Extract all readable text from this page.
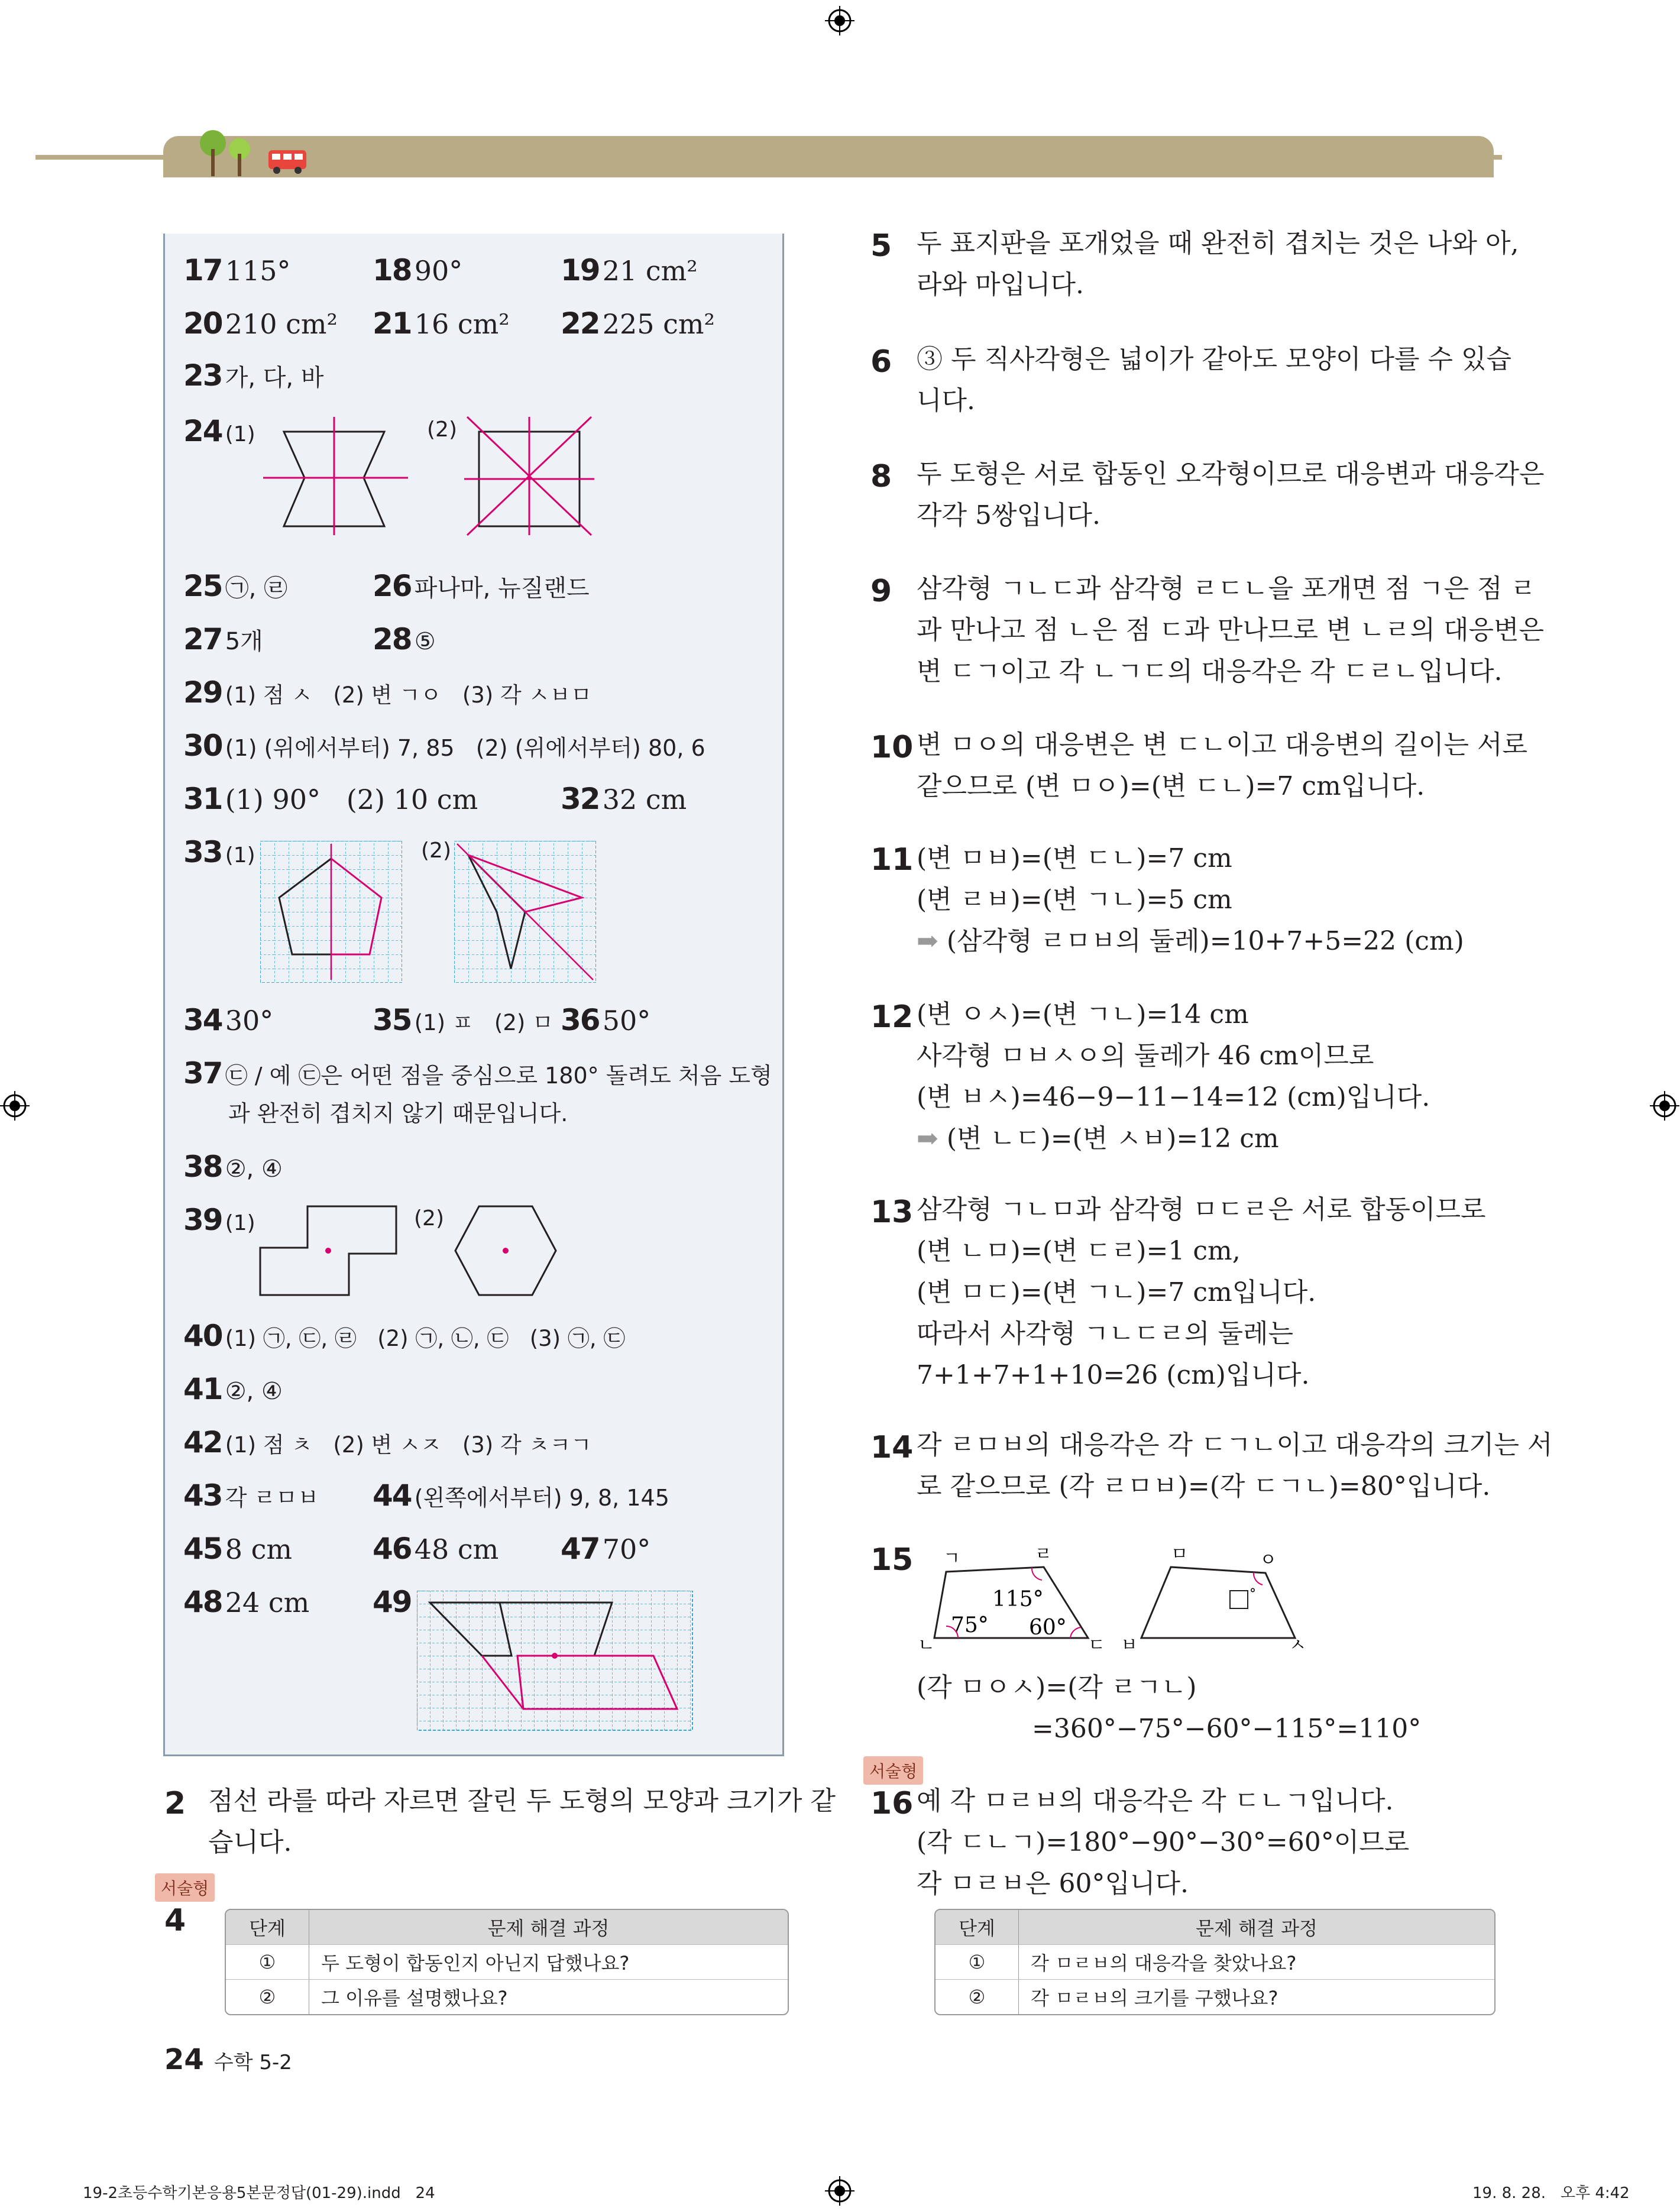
17 115°	18 90°	19 21 cm²
20 210 cm² 21 16 cm² 22 225 cm²
23 가, 다, 바
24 (1)	(2)
25 ㉠, ㉣	26 파나마, 뉴질랜드
27 5개	28 ⑤
29 (1) 점 ㅅ   (2) 변 ㄱㅇ   (3) 각 ㅅㅂㅁ
30 (1) (위에서부터) 7, 85   (2) (위에서부터) 80, 6
31 (1) 90°   (2) 10 cm	32 32 cm
33 (1)	(2)
34 30°	35 (1) ㅍ   (2) ㅁ 36 50°
37 ㉢ / 예 ㉢은 어떤 점을 중심으로 180° 돌려도 처음 도형
과 완전히 겹치지 않기 때문입니다.
38 ②, ④
39 (1)	(2)
40 (1) ㉠, ㉢, ㉣   (2) ㉠, ㉡, ㉢   (3) ㉠, ㉢
41 ②, ④
42 (1) 점 ㅊ   (2) 변 ㅅㅈ   (3) 각 ㅊㅋㄱ
43 각 ㄹㅁㅂ 44 (왼쪽에서부터) 9, 8, 145
45 8 cm	46 48 cm 47 70°
48 24 cm 49
2 점선 라를 따라 자르면 잘린 두 도형의 모양과 크기가 같
습니다.
서술형
4	단계	문제 해결 과정
①	두 도형이 합동인지 아닌지 답했나요?
②	그 이유를 설명했나요?
5 두 표지판을 포개었을 때 완전히 겹치는 것은 나와 아,
라와 마입니다.
6 ③ 두 직사각형은 넓이가 같아도 모양이 다를 수 있습
니다.
8 두 도형은 서로 합동인 오각형이므로 대응변과 대응각은
각각 5쌍입니다.
9 삼각형 ㄱㄴㄷ과 삼각형 ㄹㄷㄴ을 포개면 점 ㄱ은 점 ㄹ
과 만나고 점 ㄴ은 점 ㄷ과 만나므로 변 ㄴㄹ의 대응변은
변 ㄷㄱ이고 각 ㄴㄱㄷ의 대응각은 각 ㄷㄹㄴ입니다.
10 변 ㅁㅇ의 대응변은 변 ㄷㄴ이고 대응변의 길이는 서로
같으므로 (변 ㅁㅇ)=(변 ㄷㄴ)=7 cm입니다.
11 (변 ㅁㅂ)=(변 ㄷㄴ)=7 cm
(변 ㄹㅂ)=(변 ㄱㄴ)=5 cm
➡ (삼각형 ㄹㅁㅂ의 둘레)=10+7+5=22 (cm)
12 (변 ㅇㅅ)=(변 ㄱㄴ)=14 cm
사각형 ㅁㅂㅅㅇ의 둘레가 46 cm이므로
(변 ㅂㅅ)=46−9−11−14=12 (cm)입니다.
➡ (변 ㄴㄷ)=(변 ㅅㅂ)=12 cm
13 삼각형 ㄱㄴㅁ과 삼각형 ㅁㄷㄹ은 서로 합동이므로
(변 ㄴㅁ)=(변 ㄷㄹ)=1 cm,
(변 ㅁㄷ)=(변 ㄱㄴ)=7 cm입니다.
따라서 사각형 ㄱㄴㄷㄹ의 둘레는
7+1+7+1+10=26 (cm)입니다.
14 각 ㄹㅁㅂ의 대응각은 각 ㄷㄱㄴ이고 대응각의 크기는 서
로 같으므로 (각 ㄹㅁㅂ)=(각 ㄷㄱㄴ)=80°입니다.
15 ㄱ	ㄹ
ㄴ	ㄷ
ㅁ	ㅇ
ㅂ	ㅅ
115°
75° 60°
°
(각 ㅁㅇㅅ)=(각 ㄹㄱㄴ)
=360°−75°−60°−115°=110°
서술형
16 예 각 ㅁㄹㅂ의 대응각은 각 ㄷㄴㄱ입니다.
(각 ㄷㄴㄱ)=180°−90°−30°=60°이므로
각 ㅁㄹㅂ은 60°입니다.
단계	문제 해결 과정
①	각 ㅁㄹㅂ의 대응각을 찾았나요?
②	각 ㅁㄹㅂ의 크기를 구했나요?
24 수학 5-2
19-2초등수학기본응용5본문정답(01-29).indd   24	19. 8. 28.   오후 4:42
